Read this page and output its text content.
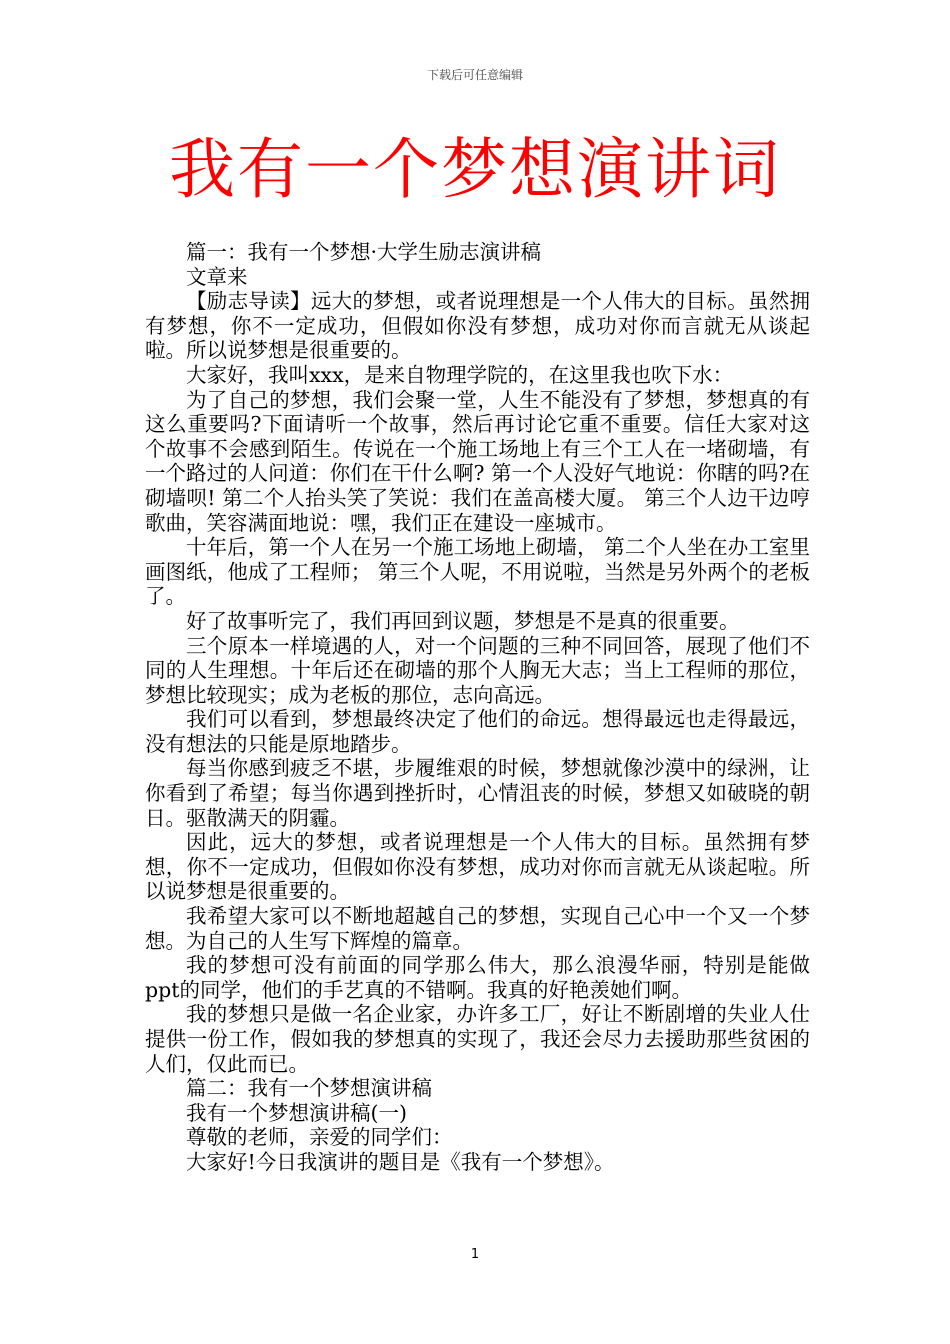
下载后可任意编辑
我有一个梦想演讲词

篇一：我有一个梦想·大学生励志演讲稿

文章来

【励志导读】远大的梦想，或者说理想是一个人伟大的目标。虽然拥有梦想，你不一定成功，但假如你没有梦想，成功对你而言就无从谈起啦。所以说梦想是很重要的。

大家好，我叫xxx，是来自物理学院的，在这里我也吹下水：

为了自己的梦想，我们会聚一堂，人生不能没有了梦想，梦想真的有这么重要吗?下面请听一个故事，然后再讨论它重不重要。信任大家对这个故事不会感到陌生。传说在一个施工场地上有三个工人在一堵砌墙，有一个路过的人问道：你们在干什么啊? 第一个人没好气地说：你瞎的吗?在砌墙呗! 第二个人抬头笑了笑说：我们在盖高楼大厦。 第三个人边干边哼歌曲，笑容满面地说：嘿，我们正在建设一座城市。

十年后，第一个人在另一个施工场地上砌墙， 第二个人坐在办工室里画图纸，他成了工程师； 第三个人呢，不用说啦，当然是另外两个的老板了。

好了故事听完了，我们再回到议题，梦想是不是真的很重要。

三个原本一样境遇的人，对一个问题的三种不同回答，展现了他们不同的人生理想。十年后还在砌墙的那个人胸无大志；当上工程师的那位，梦想比较现实；成为老板的那位，志向高远。

我们可以看到，梦想最终决定了他们的命远。想得最远也走得最远，没有想法的只能是原地踏步。

每当你感到疲乏不堪，步履维艰的时候，梦想就像沙漠中的绿洲，让你看到了希望；每当你遇到挫折时，心情沮丧的时候，梦想又如破晓的朝日。驱散满天的阴霾。

因此，远大的梦想，或者说理想是一个人伟大的目标。虽然拥有梦想，你不一定成功，但假如你没有梦想，成功对你而言就无从谈起啦。所以说梦想是很重要的。

我希望大家可以不断地超越自己的梦想，实现自己心中一个又一个梦想。为自己的人生写下辉煌的篇章。

我的梦想可没有前面的同学那么伟大，那么浪漫华丽，特别是能做ppt的同学，他们的手艺真的不错啊。我真的好艳羡她们啊。

我的梦想只是做一名企业家，办许多工厂，好让不断剧增的失业人仕提供一份工作，假如我的梦想真的实现了，我还会尽力去援助那些贫困的人们，仅此而已。

篇二：我有一个梦想演讲稿

我有一个梦想演讲稿(一)

尊敬的老师，亲爱的同学们：

大家好!今日我演讲的题目是《我有一个梦想》。

1
